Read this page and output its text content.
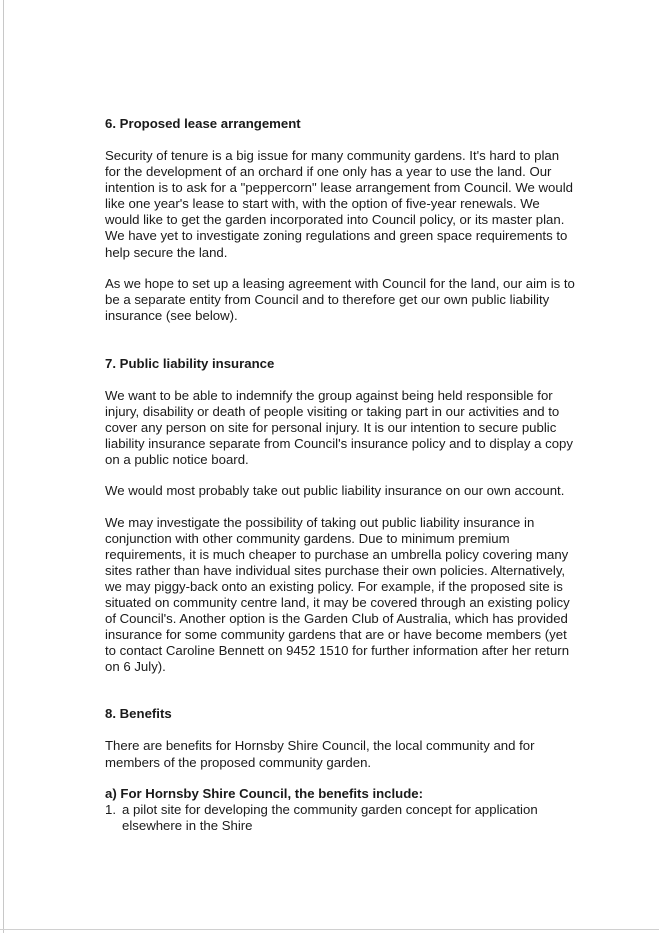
6. Proposed lease arrangement

Security of tenure is a big issue for many community gardens. It's hard to plan for the development of an orchard if one only has a year to use the land. Our intention is to ask for a "peppercorn" lease arrangement from Council. We would like one year's lease to start with, with the option of five-year renewals. We would like to get the garden incorporated into Council policy, or its master plan. We have yet to investigate zoning regulations and green space requirements to help secure the land.

As we hope to set up a leasing agreement with Council for the land, our aim is to be a separate entity from Council and to therefore get our own public liability insurance (see below).

7. Public liability insurance

We want to be able to indemnify the group against being held responsible for injury, disability or death of people visiting or taking part in our activities and to cover any person on site for personal injury. It is our intention to secure public liability insurance separate from Council's insurance policy and to display a copy on a public notice board.

We would most probably take out public liability insurance on our own account.

We may investigate the possibility of taking out public liability insurance in conjunction with other community gardens. Due to minimum premium requirements, it is much cheaper to purchase an umbrella policy covering many sites rather than have individual sites purchase their own policies. Alternatively, we may piggy-back onto an existing policy. For example, if the proposed site is situated on community centre land, it may be covered through an existing policy of Council's. Another option is the Garden Club of Australia, which has provided insurance for some community gardens that are or have become members (yet to contact Caroline Bennett on 9452 1510 for further information after her return on 6 July).

8. Benefits

There are benefits for Hornsby Shire Council, the local community and for members of the proposed community garden.

a) For Hornsby Shire Council, the benefits include:
1. a pilot site for developing the community garden concept for application elsewhere in the Shire
